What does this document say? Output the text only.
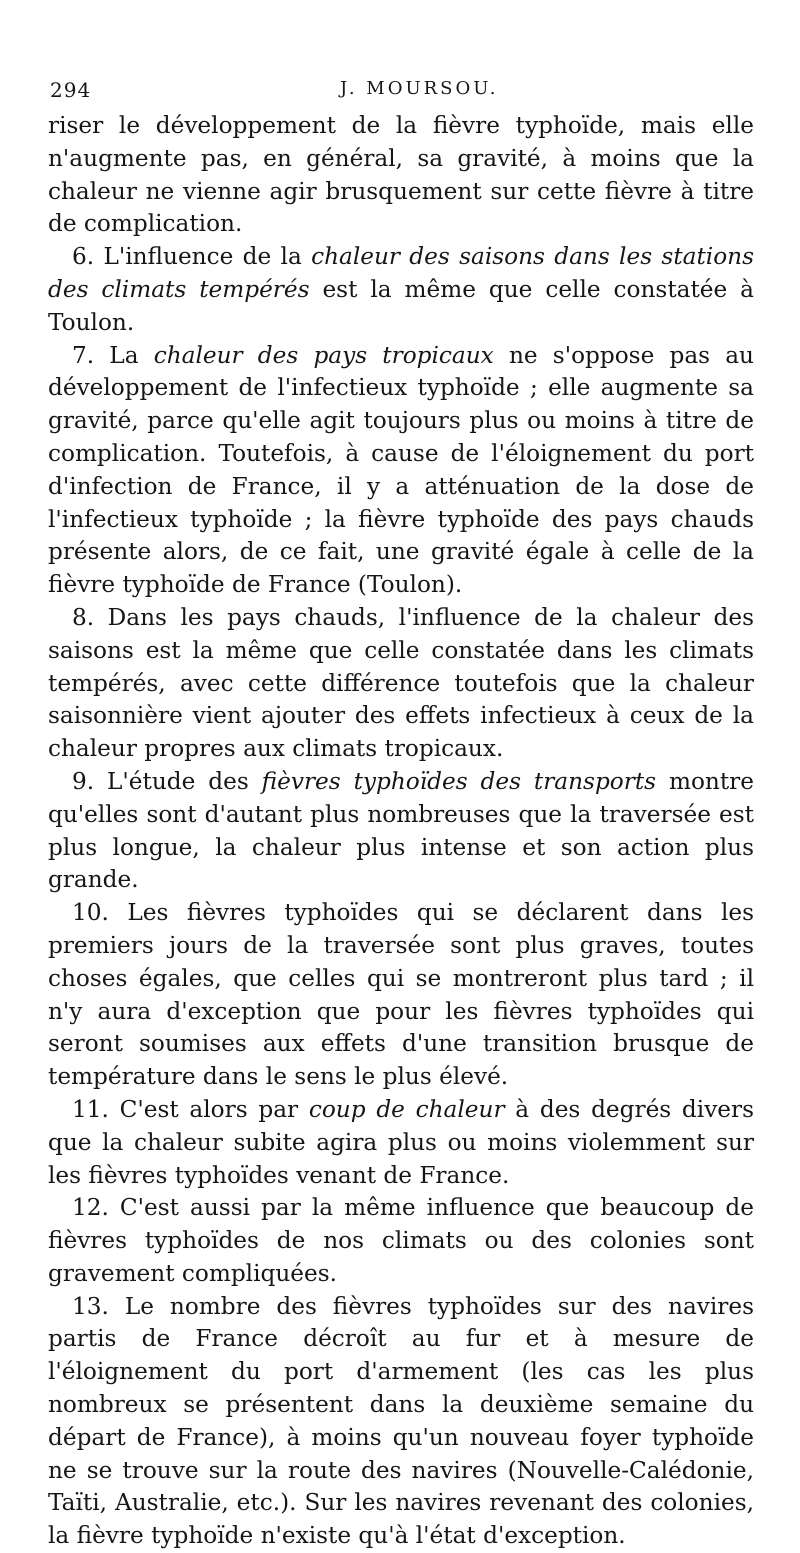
294	J. MOURSOU.

riser le développement de la fièvre typhoïde, mais elle n'augmente pas, en général, sa gravité, à moins que la chaleur ne vienne agir brusquement sur cette fièvre à titre de complication.

6. L'influence de la chaleur des saisons dans les stations des climats tempérés est la même que celle constatée à Toulon.

7. La chaleur des pays tropicaux ne s'oppose pas au développement de l'infectieux typhoïde ; elle augmente sa gravité, parce qu'elle agit toujours plus ou moins à titre de complication. Toutefois, à cause de l'éloignement du port d'infection de France, il y a atténuation de la dose de l'infectieux typhoïde ; la fièvre typhoïde des pays chauds présente alors, de ce fait, une gravité égale à celle de la fièvre typhoïde de France (Toulon).

8. Dans les pays chauds, l'influence de la chaleur des saisons est la même que celle constatée dans les climats tempérés, avec cette différence toutefois que la chaleur saisonnière vient ajouter des effets infectieux à ceux de la chaleur propres aux climats tropicaux.

9. L'étude des fièvres typhoïdes des transports montre qu'elles sont d'autant plus nombreuses que la traversée est plus longue, la chaleur plus intense et son action plus grande.

10. Les fièvres typhoïdes qui se déclarent dans les premiers jours de la traversée sont plus graves, toutes choses égales, que celles qui se montreront plus tard ; il n'y aura d'exception que pour les fièvres typhoïdes qui seront soumises aux effets d'une transition brusque de température dans le sens le plus élevé.

11. C'est alors par coup de chaleur à des degrés divers que la chaleur subite agira plus ou moins violemment sur les fièvres typhoïdes venant de France.

12. C'est aussi par la même influence que beaucoup de fièvres typhoïdes de nos climats ou des colonies sont gravement compliquées.

13. Le nombre des fièvres typhoïdes sur des navires partis de France décroît au fur et à mesure de l'éloignement du port d'armement (les cas les plus nombreux se présentent dans la deuxième semaine du départ de France), à moins qu'un nouveau foyer typhoïde ne se trouve sur la route des navires (Nouvelle-Calédonie, Taïti, Australie, etc.). Sur les navires revenant des colonies, la fièvre typhoïde n'existe qu'à l'état d'exception.
